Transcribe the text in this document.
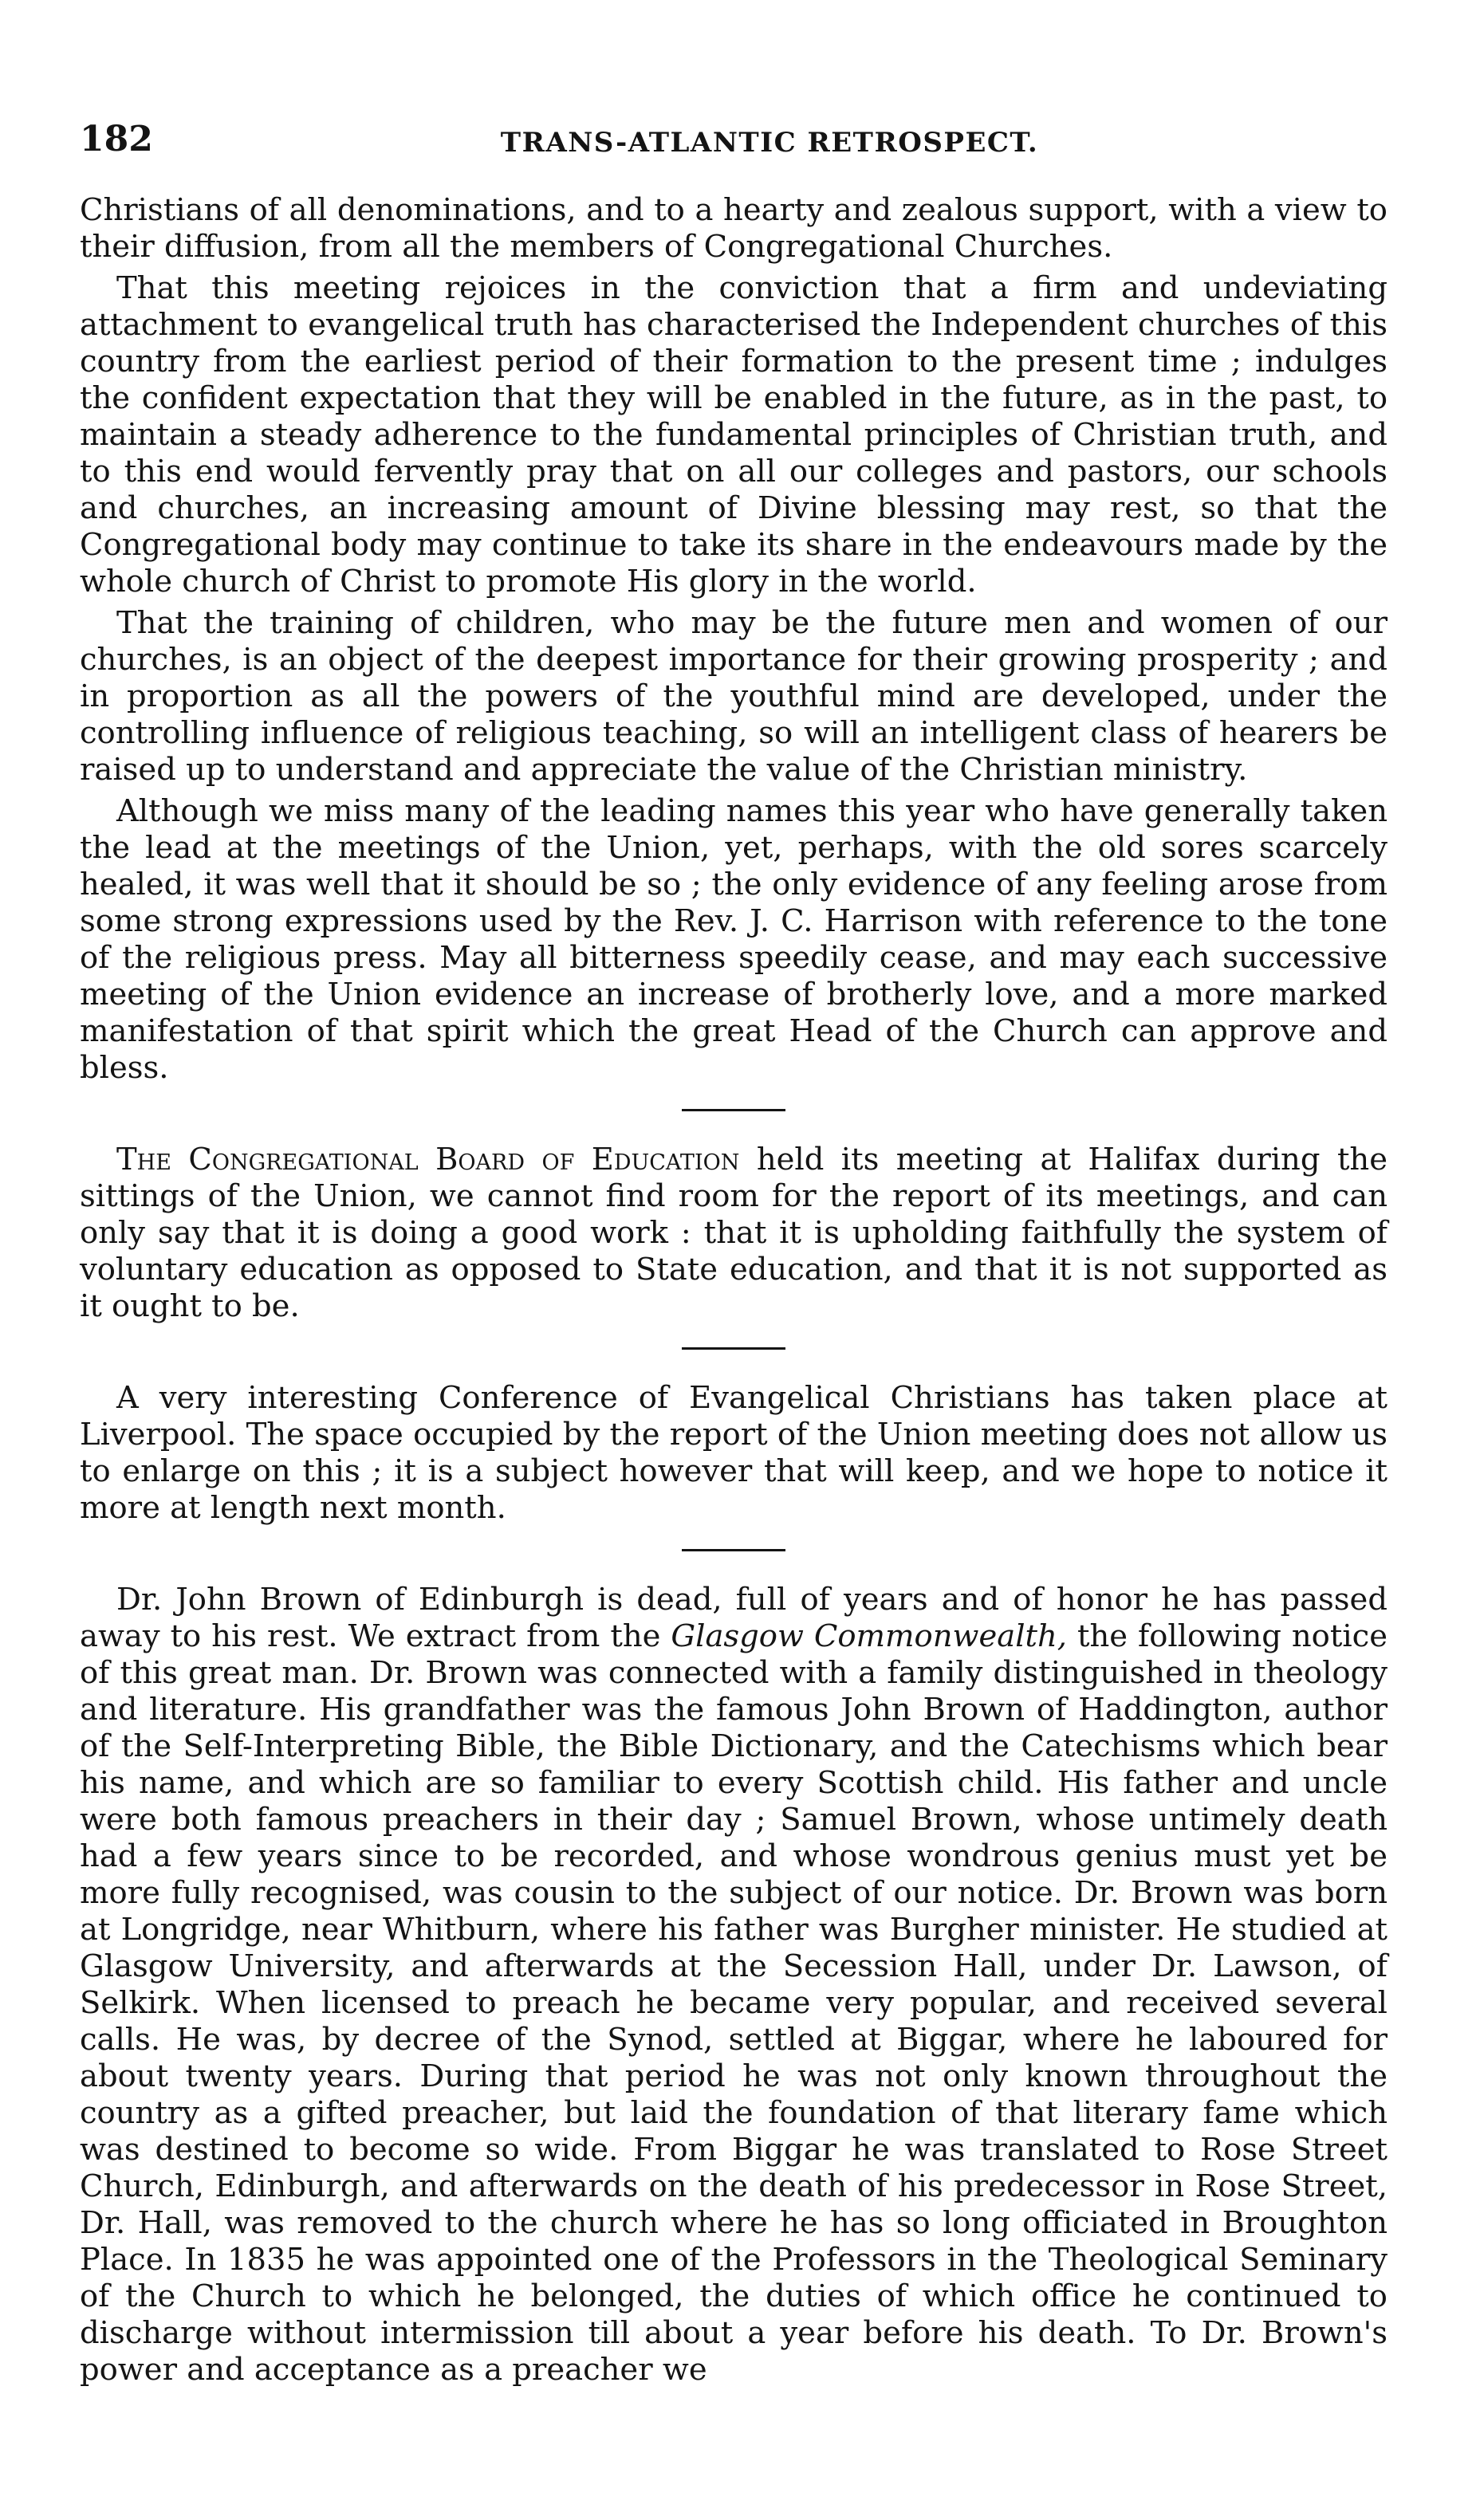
182	TRANS-ATLANTIC RETROSPECT.

Christians of all denominations, and to a hearty and zealous support, with a view to their diffusion, from all the members of Congregational Churches.

That this meeting rejoices in the conviction that a firm and undeviating attachment to evangelical truth has characterised the Independent churches of this country from the earliest period of their formation to the present time ; indulges the confident expectation that they will be enabled in the future, as in the past, to maintain a steady adherence to the fundamental principles of Christian truth, and to this end would fervently pray that on all our colleges and pastors, our schools and churches, an increasing amount of Divine blessing may rest, so that the Congregational body may continue to take its share in the endeavours made by the whole church of Christ to promote His glory in the world.

That the training of children, who may be the future men and women of our churches, is an object of the deepest importance for their growing prosperity ; and in proportion as all the powers of the youthful mind are developed, under the controlling influence of religious teaching, so will an intelligent class of hearers be raised up to understand and appreciate the value of the Christian ministry.

Although we miss many of the leading names this year who have generally taken the lead at the meetings of the Union, yet, perhaps, with the old sores scarcely healed, it was well that it should be so ; the only evidence of any feeling arose from some strong expressions used by the Rev. J. C. Harrison with reference to the tone of the religious press. May all bitterness speedily cease, and may each successive meeting of the Union evidence an increase of brotherly love, and a more marked manifestation of that spirit which the great Head of the Church can approve and bless.

The Congregational Board of Education held its meeting at Halifax during the sittings of the Union, we cannot find room for the report of its meetings, and can only say that it is doing a good work : that it is upholding faithfully the system of voluntary education as opposed to State education, and that it is not supported as it ought to be.

A very interesting Conference of Evangelical Christians has taken place at Liverpool. The space occupied by the report of the Union meeting does not allow us to enlarge on this ; it is a subject however that will keep, and we hope to notice it more at length next month.

Dr. John Brown of Edinburgh is dead, full of years and of honor he has passed away to his rest. We extract from the Glasgow Commonwealth, the following notice of this great man. Dr. Brown was connected with a family distinguished in theology and literature. His grandfather was the famous John Brown of Haddington, author of the Self-Interpreting Bible, the Bible Dictionary, and the Catechisms which bear his name, and which are so familiar to every Scottish child. His father and uncle were both famous preachers in their day ; Samuel Brown, whose untimely death had a few years since to be recorded, and whose wondrous genius must yet be more fully recognised, was cousin to the subject of our notice. Dr. Brown was born at Longridge, near Whitburn, where his father was Burgher minister. He studied at Glasgow University, and afterwards at the Secession Hall, under Dr. Lawson, of Selkirk. When licensed to preach he became very popular, and received several calls. He was, by decree of the Synod, settled at Biggar, where he laboured for about twenty years. During that period he was not only known throughout the country as a gifted preacher, but laid the foundation of that literary fame which was destined to become so wide. From Biggar he was translated to Rose Street Church, Edinburgh, and afterwards on the death of his predecessor in Rose Street, Dr. Hall, was removed to the church where he has so long officiated in Broughton Place. In 1835 he was appointed one of the Professors in the Theological Seminary of the Church to which he belonged, the duties of which office he continued to discharge without intermission till about a year before his death. To Dr. Brown's power and acceptance as a preacher we
